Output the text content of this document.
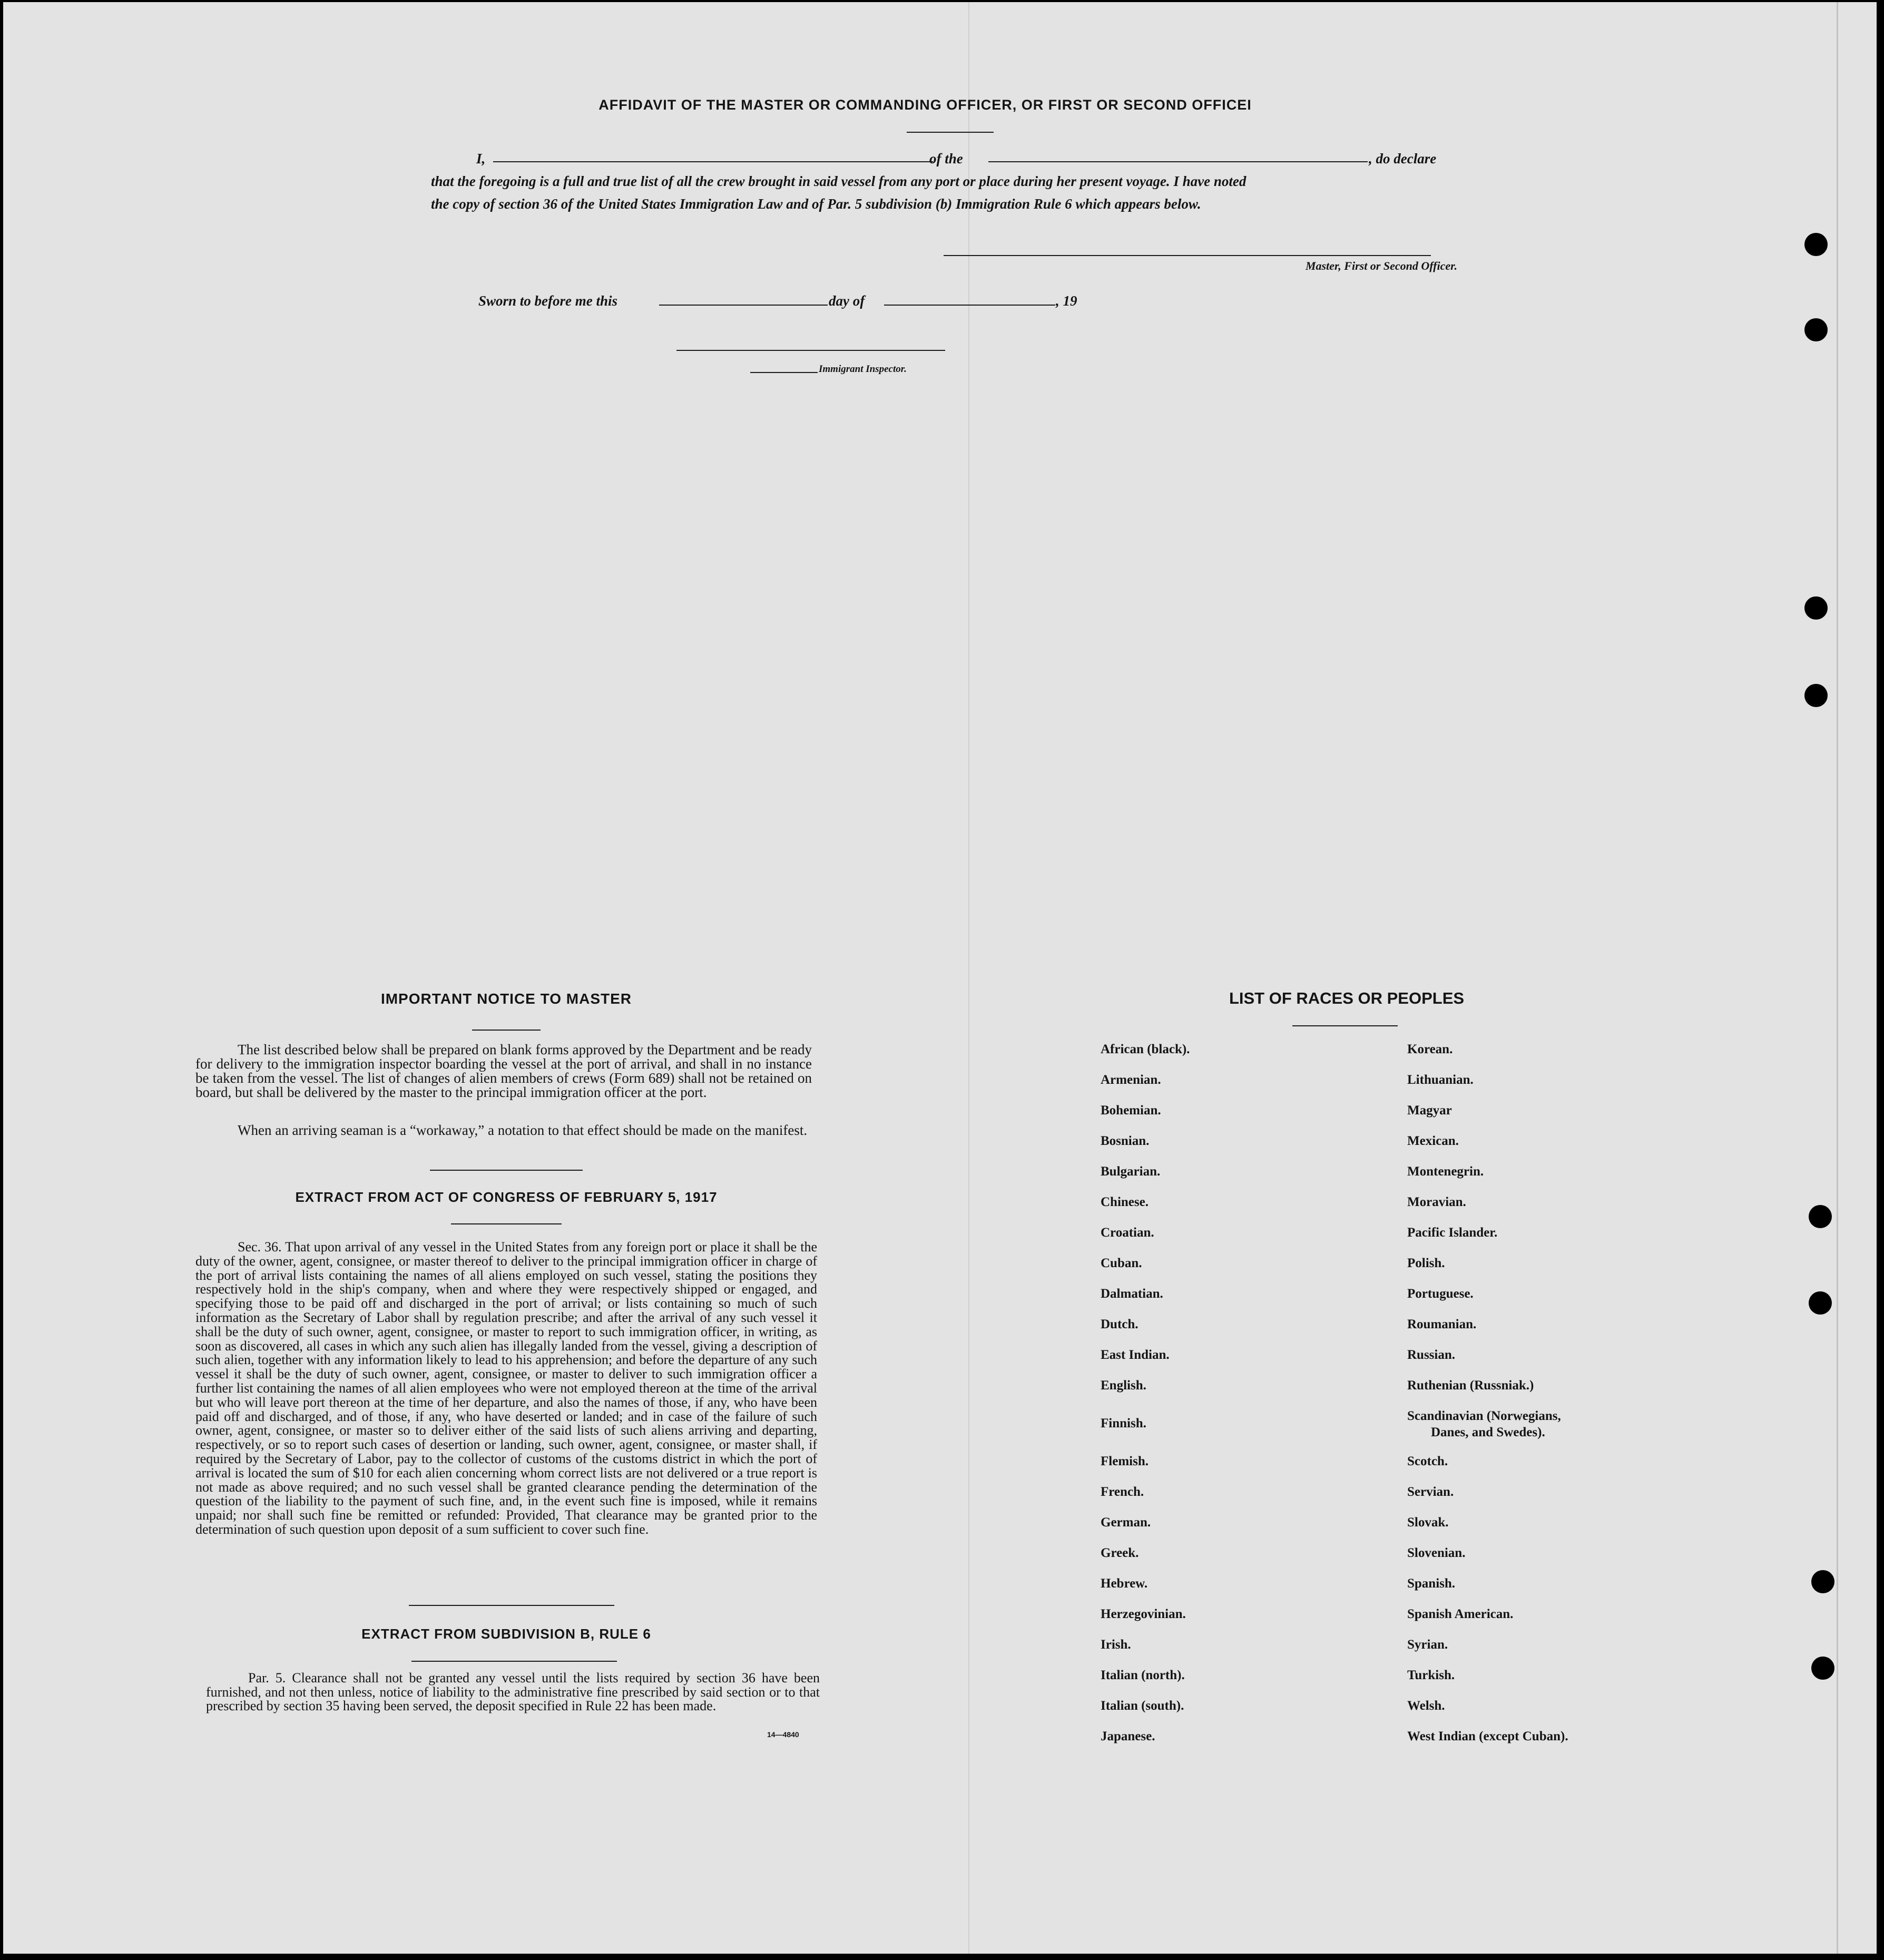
AFFIDAVIT OF THE MASTER OR COMMANDING OFFICER, OR FIRST OR SECOND OFFICEI
I,	of the	, do declare
that the foregoing is a full and true list of all the crew brought in said vessel from any port or place during her present voyage. I have noted
the copy of section 36 of the United States Immigration Law and of Par. 5 subdivision (b) Immigration Rule 6 which appears below.
Master, First or Second Officer.
Sworn to before me this	day of	, 19
Immigrant Inspector.
IMPORTANT NOTICE TO MASTER
The list described below shall be prepared on blank forms approved by the Department and be ready for delivery to the immigration inspector boarding the vessel at the port of arrival, and shall in no instance be taken from the vessel. The list of changes of alien members of crews (Form 689) shall not be retained on board, but shall be delivered by the master to the principal immigration officer at the port.
When an arriving seaman is a “workaway,” a notation to that effect should be made on the manifest.
EXTRACT FROM ACT OF CONGRESS OF FEBRUARY 5, 1917
Sec. 36. That upon arrival of any vessel in the United States from any foreign port or place it shall be the duty of the owner, agent, consignee, or master thereof to deliver to the principal immigration officer in charge of the port of arrival lists containing the names of all aliens employed on such vessel, stating the positions they respectively hold in the ship's company, when and where they were respectively shipped or engaged, and specifying those to be paid off and discharged in the port of arrival; or lists containing so much of such information as the Secretary of Labor shall by regulation prescribe; and after the arrival of any such vessel it shall be the duty of such owner, agent, consignee, or master to report to such immigration officer, in writing, as soon as discovered, all cases in which any such alien has illegally landed from the vessel, giving a description of such alien, together with any information likely to lead to his apprehension; and before the departure of any such vessel it shall be the duty of such owner, agent, consignee, or master to deliver to such immigration officer a further list containing the names of all alien employees who were not employed thereon at the time of the arrival but who will leave port thereon at the time of her departure, and also the names of those, if any, who have been paid off and discharged, and of those, if any, who have deserted or landed; and in case of the failure of such owner, agent, consignee, or master so to deliver either of the said lists of such aliens arriving and departing, respectively, or so to report such cases of desertion or landing, such owner, agent, consignee, or master shall, if required by the Secretary of Labor, pay to the collector of customs of the customs district in which the port of arrival is located the sum of $10 for each alien concerning whom correct lists are not delivered or a true report is not made as above required; and no such vessel shall be granted clearance pending the determination of the question of the liability to the payment of such fine, and, in the event such fine is imposed, while it remains unpaid; nor shall such fine be remitted or refunded: Provided, That clearance may be granted prior to the determination of such question upon deposit of a sum sufficient to cover such fine.
EXTRACT FROM SUBDIVISION B, RULE 6
Par. 5. Clearance shall not be granted any vessel until the lists required by section 36 have been furnished, and not then unless, notice of liability to the administrative fine prescribed by said section or to that prescribed by section 35 having been served, the deposit specified in Rule 22 has been made.
14—4840
LIST OF RACES OR PEOPLES
African (black).
Armenian.
Bohemian.
Bosnian.
Bulgarian.
Chinese.
Croatian.
Cuban.
Dalmatian.
Dutch.
East Indian.
English.
Finnish.
Flemish.
French.
German.
Greek.
Hebrew.
Herzegovinian.
Irish.
Italian (north).
Italian (south).
Japanese.
Korean.
Lithuanian.
Magyar
Mexican.
Montenegrin.
Moravian.
Pacific Islander.
Polish.
Portuguese.
Roumanian.
Russian.
Ruthenian (Russniak.)
Scandinavian (Norwegians,
Scotch.
Servian.
Slovak.
Slovenian.
Spanish.
Spanish American.
Syrian.
Turkish.
Welsh.
West Indian (except Cuban).
Danes, and Swedes).
